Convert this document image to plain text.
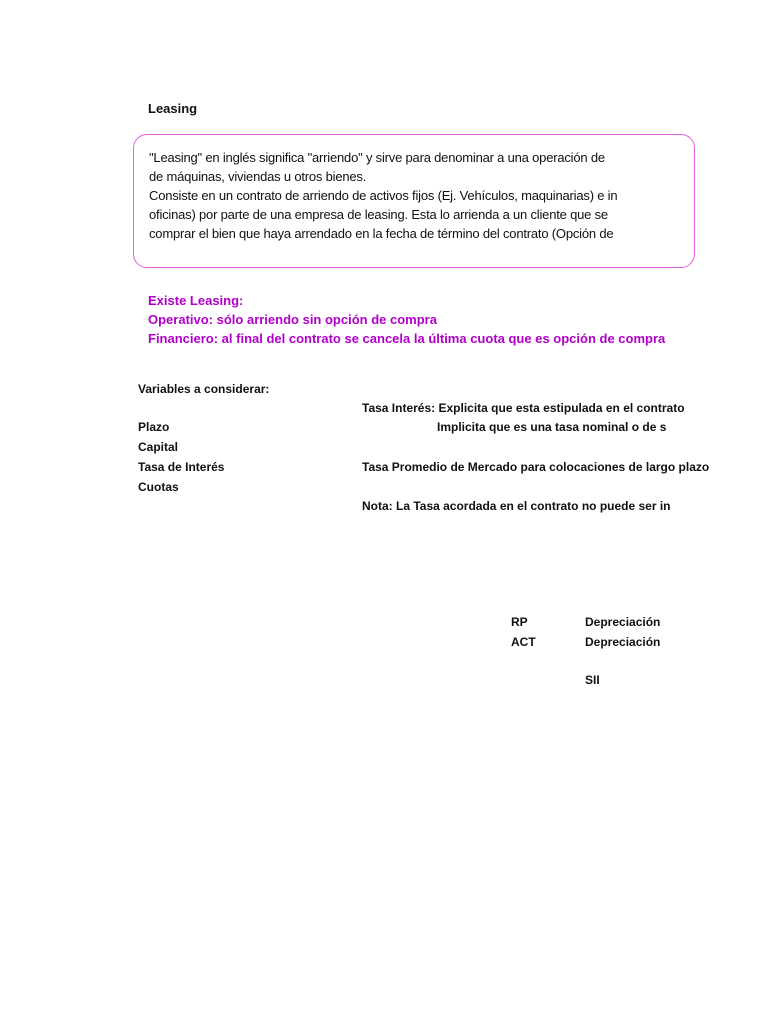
Leasing
"Leasing" en inglés significa "arriendo" y sirve para denominar a una operación de
de máquinas, viviendas u otros bienes.
Consiste en un contrato de arriendo de activos fijos (Ej. Vehículos, maquinarias) e in
oficinas) por parte de una empresa de leasing. Esta lo arrienda a un cliente que se
comprar el bien que haya arrendado en la fecha de término del contrato (Opción de
Existe Leasing:
Operativo: sólo arriendo sin opción de compra
Financiero: al final del contrato se cancela la última cuota que es opción de compra
Variables a considerar:
Plazo
Capital
Tasa de Interés
Cuotas
Tasa Interés: Explicita que esta estipulada en el contrato
Implicita que es una tasa nominal o de s
Tasa Promedio de Mercado para colocaciones de largo plazo
Nota: La Tasa acordada en el contrato no puede ser in
RP	Depreciación
ACT	Depreciación
SII
